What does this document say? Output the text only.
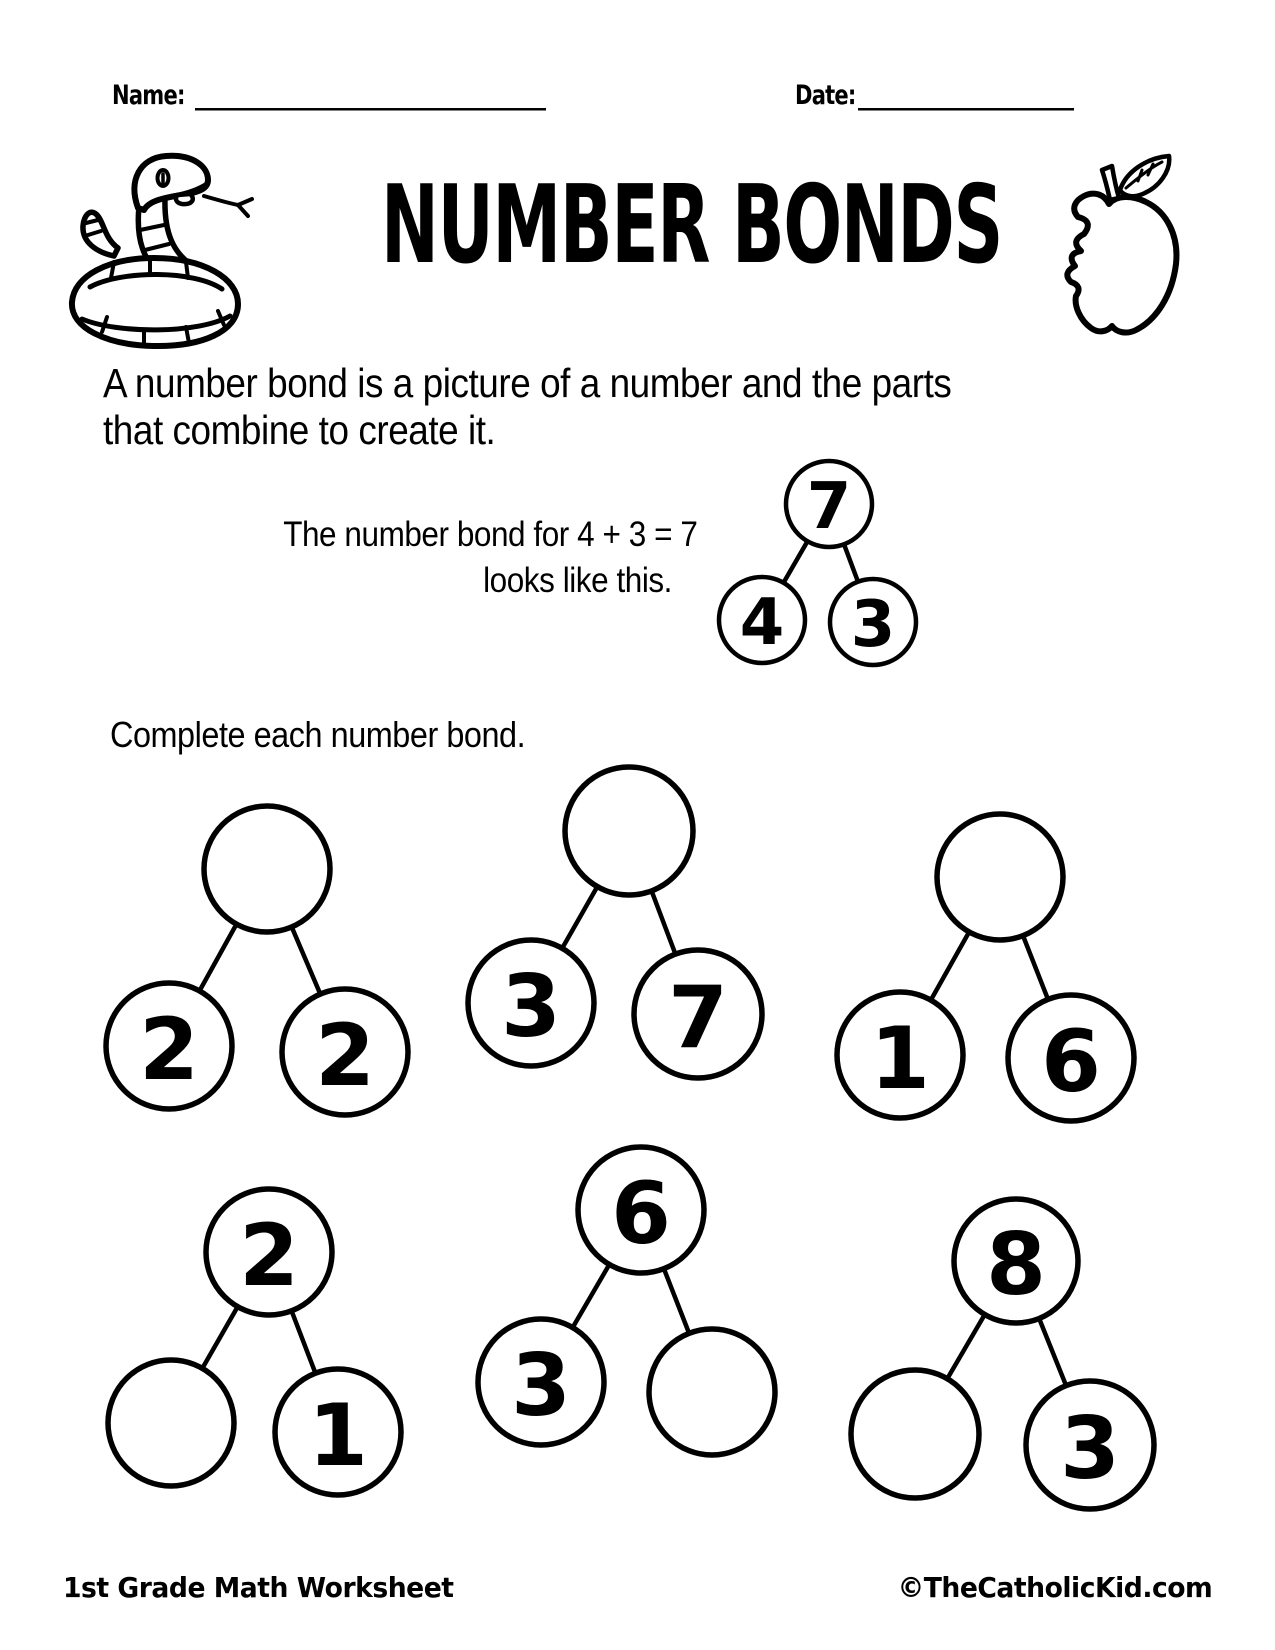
Name: __________________________	Date: ________________
NUMBER BONDS

A number bond is a picture of a number and the parts
that combine to create it.

The number bond for 4 + 3 = 7
looks like this.

Complete each number bond.

7
4 3
2 2 3 7 1 6
2
1
6
3
8
3
1st Grade Math Worksheet	©TheCatholicKid.com
